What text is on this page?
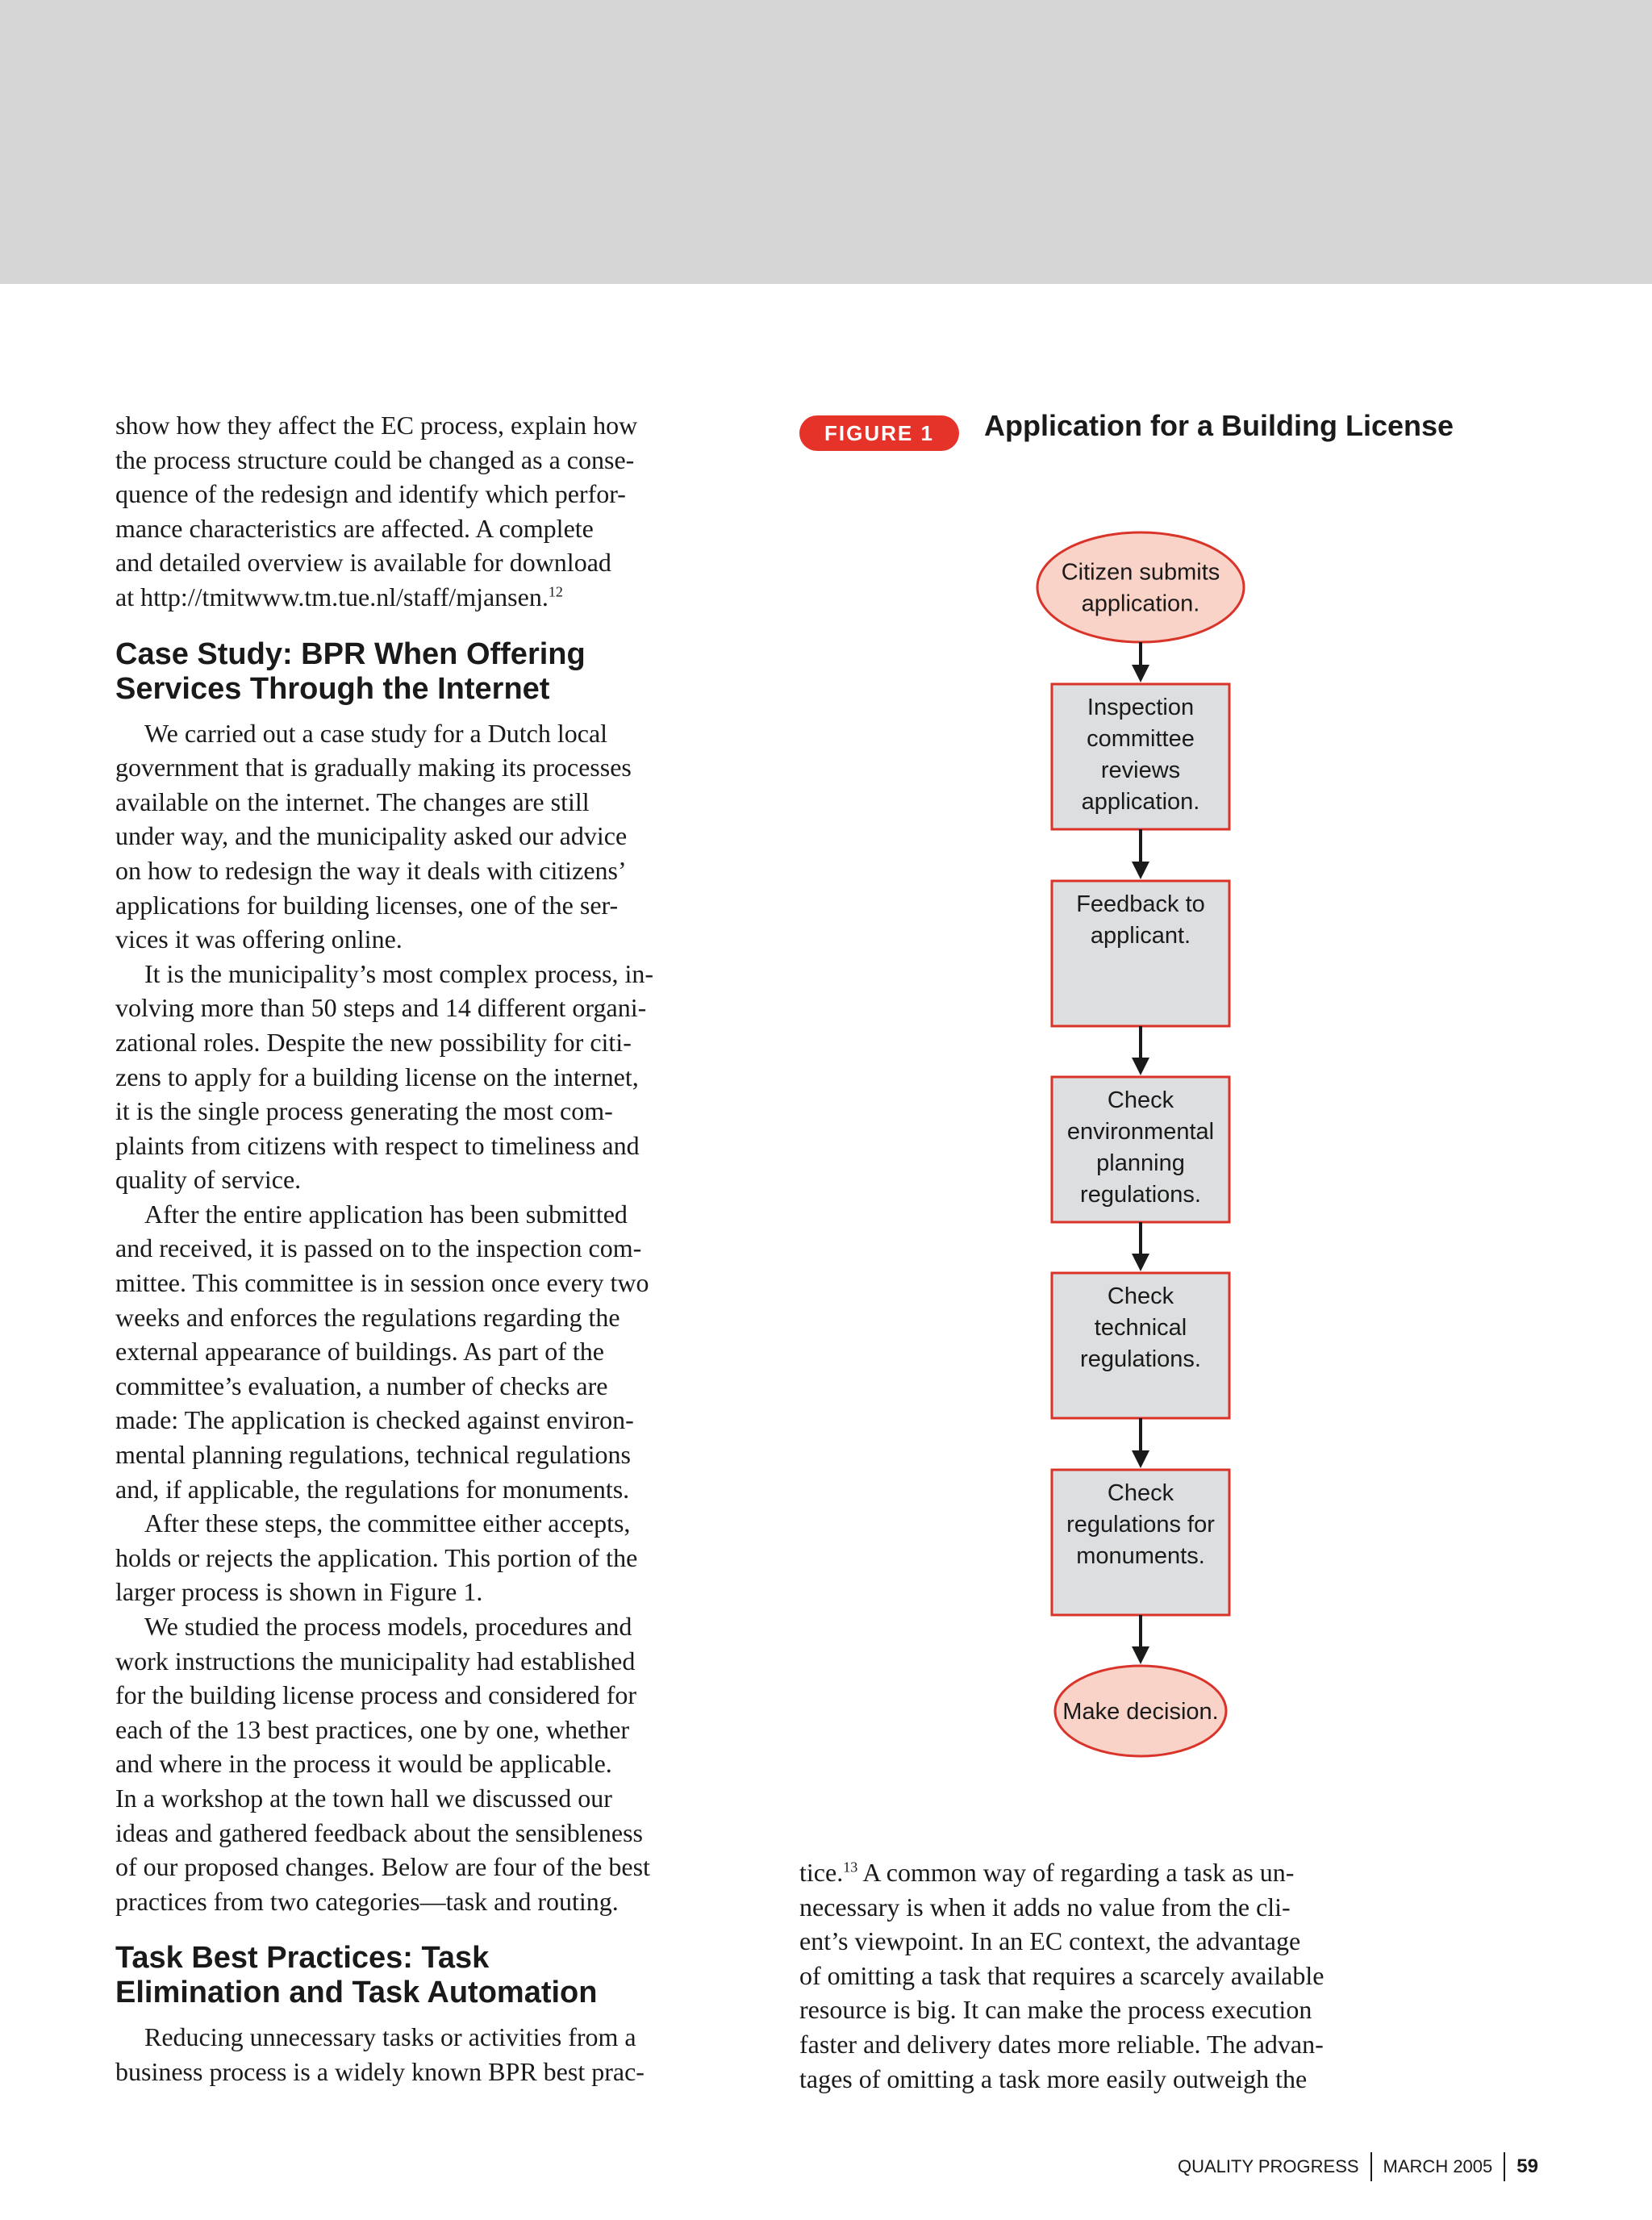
show how they affect the EC process, explain how
the process structure could be changed as a conse-
quence of the redesign and identify which perfor-
mance characteristics are affected. A complete
and detailed overview is available for download
at http://tmitwww.tm.tue.nl/staff/mjansen.$^{12}$

Case Study: BPR When Offering
Services Through the Internet

We carried out a case study for a Dutch local
government that is gradually making its processes
available on the internet. The changes are still
under way, and the municipality asked our advice
on how to redesign the way it deals with citizens’
applications for building licenses, one of the ser-
vices it was offering online.

It is the municipality’s most complex process, in-
volving more than 50 steps and 14 different organi-
zational roles. Despite the new possibility for citi-
zens to apply for a building license on the internet,
it is the single process generating the most com-
plaints from citizens with respect to timeliness and
quality of service.

After the entire application has been submitted
and received, it is passed on to the inspection com-
mittee. This committee is in session once every two
weeks and enforces the regulations regarding the
external appearance of buildings. As part of the
committee’s evaluation, a number of checks are
made: The application is checked against environ-
mental planning regulations, technical regulations
and, if applicable, the regulations for monuments.

After these steps, the committee either accepts,
holds or rejects the application. This portion of the
larger process is shown in Figure 1.

We studied the process models, procedures and
work instructions the municipality had established
for the building license process and considered for
each of the 13 best practices, one by one, whether
and where in the process it would be applicable.
In a workshop at the town hall we discussed our
ideas and gathered feedback about the sensibleness
of our proposed changes. Below are four of the best
practices from two categories—task and routing.

Task Best Practices: Task
Elimination and Task Automation

Reducing unnecessary tasks or activities from a
business process is a widely known BPR best prac-

FIGURE 1	Application for a Building License
Citizen submits
application.
Inspection
committee
reviews
application.
Feedback to
applicant.
Check
environmental
planning
regulations.
Check
technical
regulations.
Check
regulations for
monuments.
Make decision.

tice.$^{13}$ A common way of regarding a task as un-
necessary is when it adds no value from the cli-
ent’s viewpoint. In an EC context, the advantage
of omitting a task that requires a scarcely available
resource is big. It can make the process execution
faster and delivery dates more reliable. The advan-
tages of omitting a task more easily outweigh the

QUALITY PROGRESS MARCH 2005 59
